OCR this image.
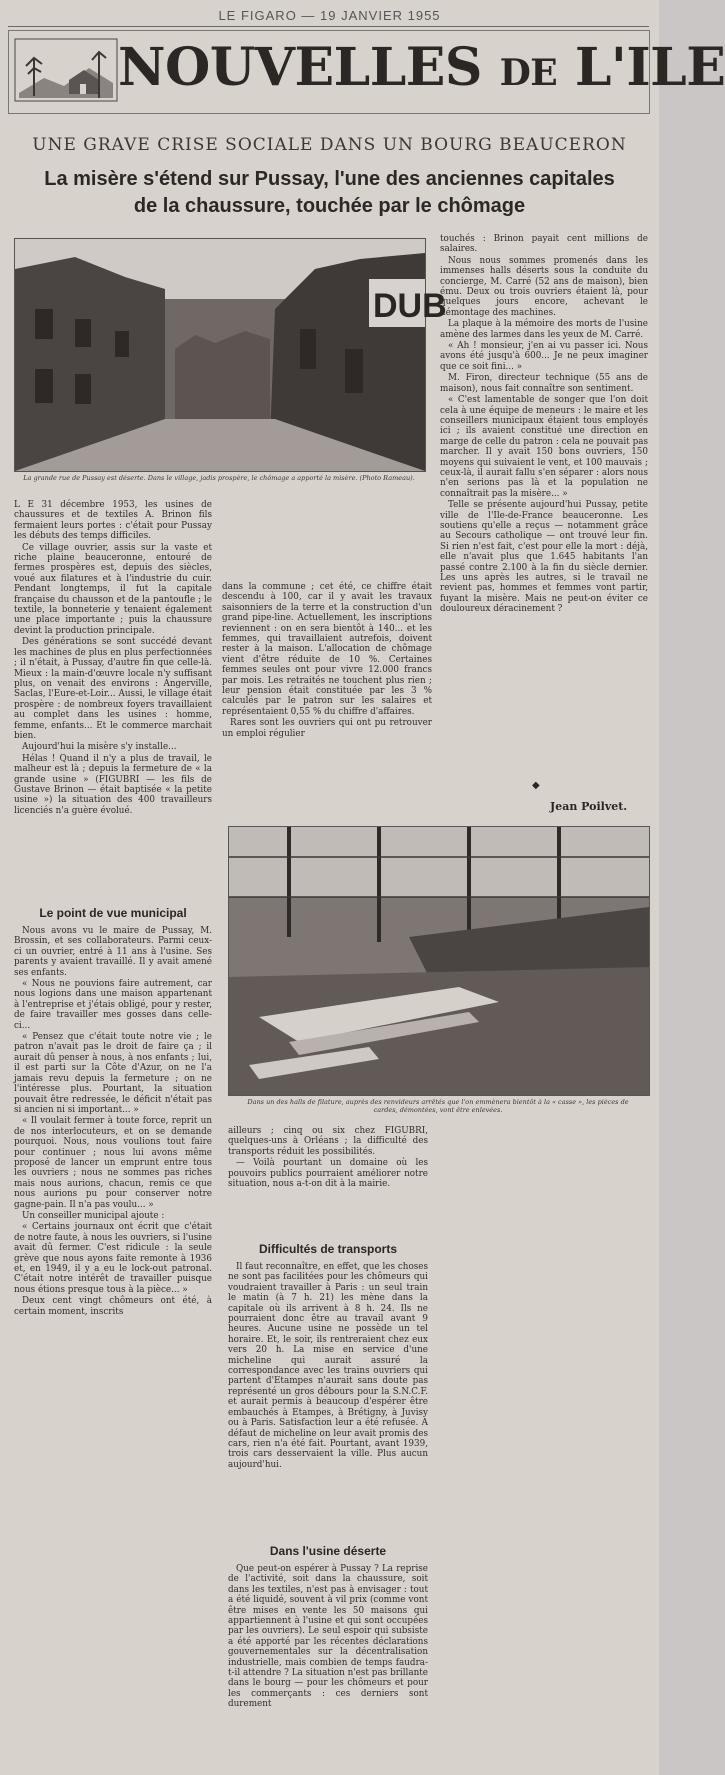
LE FIGARO — 19 JANVIER 1955
NOUVELLES DE L'ILE
UNE GRAVE CRISE SOCIALE DANS UN BOURG BEAUCERON
La misère s'étend sur Pussay, l'une des anciennes capitales
de la chaussure, touchée par le chômage
DUB
La grande rue de Pussay est déserte. Dans le village, jadis prospère, le chômage a apporté la misère. (Photo Rameau).

L E 31 décembre 1953, les usines de chaussures et de textiles A. Brinon fils fermaient leurs portes : c'était pour Pussay les débuts des temps difficiles.

Ce village ouvrier, assis sur la vaste et riche plaine beauceronne, entouré de fermes prospères est, depuis des siècles, voué aux filatures et à l'industrie du cuir. Pendant longtemps, il fut la capitale française du chausson et de la pantoufle ; le textile, la bonneterie y tenaient également une place importante ; puis la chaussure devint la production principale.

Des générations se sont succédé devant les machines de plus en plus perfectionnées ; il n'était, à Pussay, d'autre fin que celle-là. Mieux : la main-d'œuvre locale n'y suffisant plus, on venait des environs : Angerville, Saclas, l'Eure-et-Loir... Aussi, le village était prospère : de nombreux foyers travaillaient au complet dans les usines : homme, femme, enfants... Et le commerce marchait bien.

Aujourd'hui la misère s'y installe...

Hélas ! Quand il n'y a plus de travail, le malheur est là ; depuis la fermeture de « la grande usine » (FIGUBRI — les fils de Gustave Brinon — était baptisée « la petite usine ») la situation des 400 travailleurs licenciés n'a guère évolué.

Le point de vue municipal

Nous avons vu le maire de Pussay, M. Brossin, et ses collaborateurs. Parmi ceux-ci un ouvrier, entré à 11 ans à l'usine. Ses parents y avaient travaillé. Il y avait amené ses enfants.

« Nous ne pouvions faire autrement, car nous logions dans une maison appartenant à l'entreprise et j'étais obligé, pour y rester, de faire travailler mes gosses dans celle-ci...

« Pensez que c'était toute notre vie ; le patron n'avait pas le droit de faire ça ; il aurait dû penser à nous, à nos enfants ; lui, il est parti sur la Côte d'Azur, on ne l'a jamais revu depuis la fermeture ; on ne l'intéresse plus. Pourtant, la situation pouvait être redressée, le déficit n'était pas si ancien ni si important... »

« Il voulait fermer à toute force, reprit un de nos interlocuteurs, et on se demande pourquoi. Nous, nous voulions tout faire pour continuer ; nous lui avons même proposé de lancer un emprunt entre tous les ouvriers ; nous ne sommes pas riches mais nous aurions, chacun, remis ce que nous aurions pu pour conserver notre gagne-pain. Il n'a pas voulu... »

Un conseiller municipal ajoute :

« Certains journaux ont écrit que c'était de notre faute, à nous les ouvriers, si l'usine avait dû fermer. C'est ridicule : la seule grève que nous ayons faite remonte à 1936 et, en 1949, il y a eu le lock-out patronal. C'était notre intérêt de travailler puisque nous étions presque tous à la pièce... »

Deux cent vingt chômeurs ont été, à certain moment, inscrits

dans la commune ; cet été, ce chiffre était descendu à 100, car il y avait les travaux saisonniers de la terre et la construction d'un grand pipe-line. Actuellement, les inscriptions reviennent : on en sera bientôt à 140... et les femmes, qui travaillaient autrefois, doivent rester à la maison. L'allocation de chômage vient d'être réduite de 10 %. Certaines femmes seules ont pour vivre 12.000 francs par mois. Les retraités ne touchent plus rien ; leur pension était constituée par les 3 % calculés par le patron sur les salaires et représentaient 0,55 % du chiffre d'affaires.

Rares sont les ouvriers qui ont pu retrouver un emploi régulier

touchés : Brinon payait cent millions de salaires.

Nous nous sommes promenés dans les immenses halls déserts sous la conduite du concierge, M. Carré (52 ans de maison), bien ému. Deux ou trois ouvriers étaient là, pour quelques jours encore, achevant le démontage des machines.

La plaque à la mémoire des morts de l'usine amène des larmes dans les yeux de M. Carré.

« Ah ! monsieur, j'en ai vu passer ici. Nous avons été jusqu'à 600... Je ne peux imaginer que ce soit fini... »

M. Firon, directeur technique (55 ans de maison), nous fait connaître son sentiment.

« C'est lamentable de songer que l'on doit cela à une équipe de meneurs : le maire et les conseillers municipaux étaient tous employés ici ; ils avaient constitué une direction en marge de celle du patron : cela ne pouvait pas marcher. Il y avait 150 bons ouvriers, 150 moyens qui suivaient le vent, et 100 mauvais ; ceux-là, il aurait fallu s'en séparer : alors nous n'en serions pas là et la population ne connaîtrait pas la misère... »

Telle se présente aujourd'hui Pussay, petite ville de l'Ile-de-France beauceronne. Les soutiens qu'elle a reçus — notamment grâce au Secours catholique — ont trouvé leur fin. Si rien n'est fait, c'est pour elle la mort : déjà, elle n'avait plus que 1.645 habitants l'an passé contre 2.100 à la fin du siècle dernier. Les uns après les autres, si le travail ne revient pas, hommes et femmes vont partir, fuyant la misère. Mais ne peut-on éviter ce douloureux déracinement ?

Jean Poilvet.
Dans un des halls de filature, auprès des renvideurs arrêtés que l'on emmènera bientôt à la « casse », les pièces de cardes, démontées, vont être enlevées.

ailleurs ; cinq ou six chez FIGUBRI, quelques-uns à Orléans ; la difficulté des transports réduit les possibilités.

— Voilà pourtant un domaine où les pouvoirs publics pourraient améliorer notre situation, nous a-t-on dit à la mairie.

Difficultés de transports

Il faut reconnaître, en effet, que les choses ne sont pas facilitées pour les chômeurs qui voudraient travailler à Paris : un seul train le matin (à 7 h. 21) les mène dans la capitale où ils arrivent à 8 h. 24. Ils ne pourraient donc être au travail avant 9 heures. Aucune usine ne possède un tel horaire. Et, le soir, ils rentreraient chez eux vers 20 h. La mise en service d'une micheline qui aurait assuré la correspondance avec les trains ouvriers qui partent d'Etampes n'aurait sans doute pas représenté un gros débours pour la S.N.C.F. et aurait permis à beaucoup d'espérer être embauchés à Etampes, à Brétigny, à Juvisy ou à Paris. Satisfaction leur a été refusée. A défaut de micheline on leur avait promis des cars, rien n'a été fait. Pourtant, avant 1939, trois cars desservaient la ville. Plus aucun aujourd'hui.

Dans l'usine déserte

Que peut-on espérer à Pussay ? La reprise de l'activité, soit dans la chaussure, soit dans les textiles, n'est pas à envisager : tout a été liquidé, souvent à vil prix (comme vont être mises en vente les 50 maisons qui appartiennent à l'usine et qui sont occupées par les ouvriers). Le seul espoir qui subsiste a été apporté par les récentes déclarations gouvernementales sur la décentralisation industrielle, mais combien de temps faudra-t-il attendre ? La situation n'est pas brillante dans le bourg — pour les chômeurs et pour les commerçants : ces derniers sont durement

◆
